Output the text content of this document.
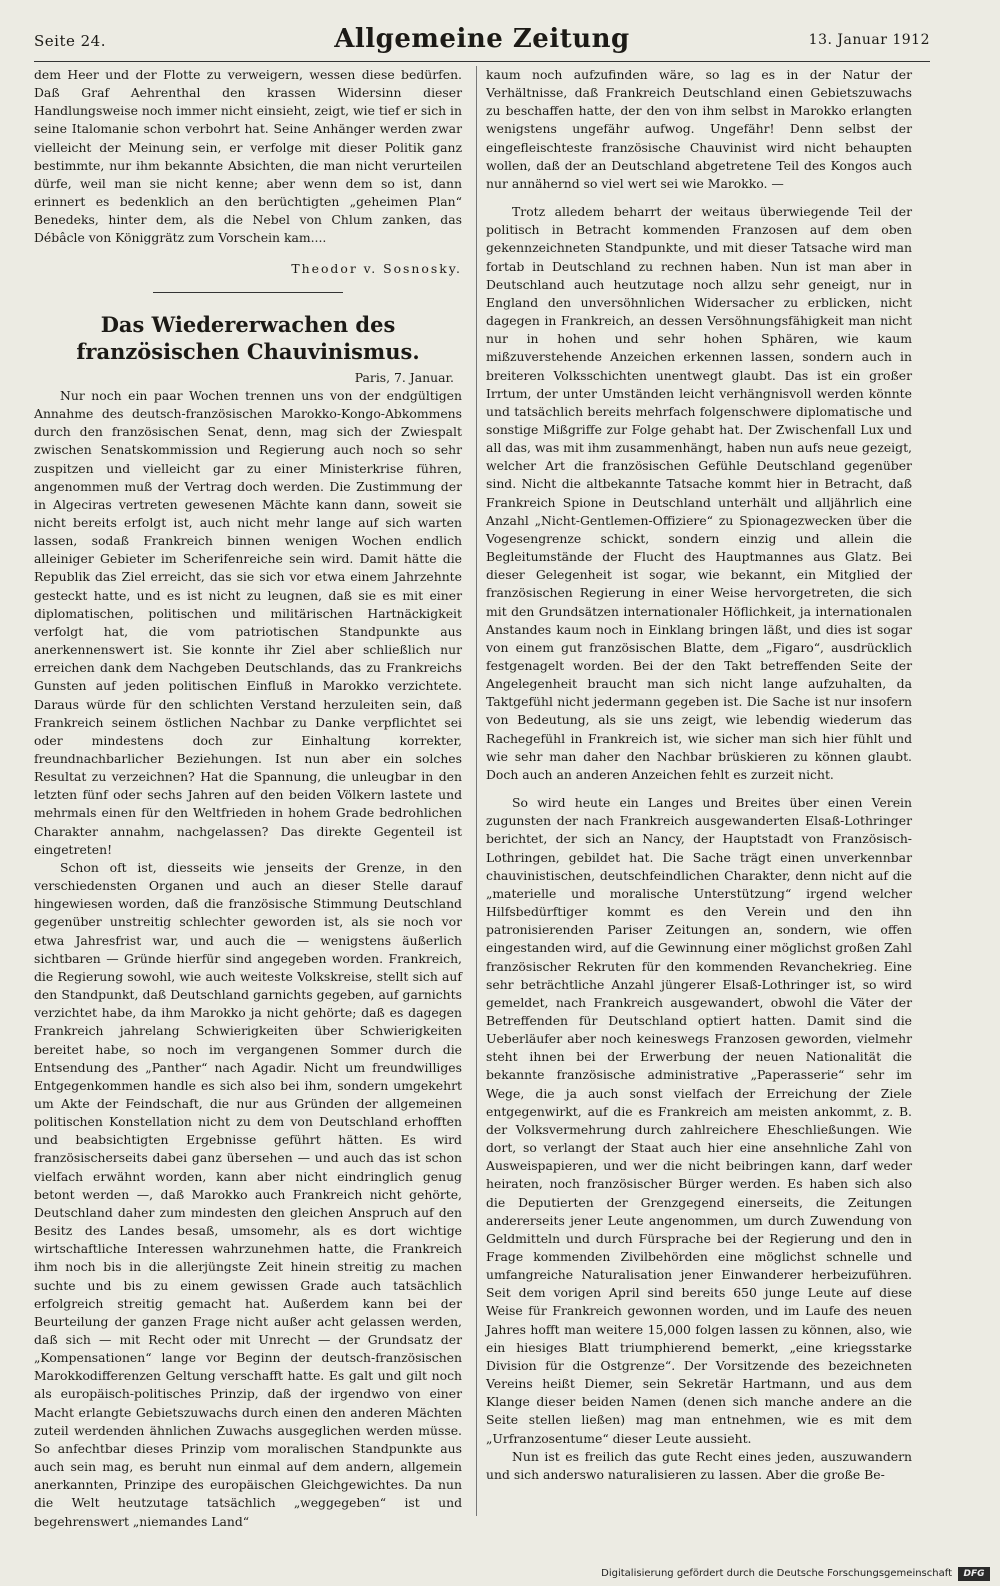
Seite 24.	Allgemeine Zeitung	13. Januar 1912

dem Heer und der Flotte zu verweigern, wessen diese bedürfen. Daß Graf Aehrenthal den krassen Widersinn dieser Handlungsweise noch immer nicht einsieht, zeigt, wie tief er sich in seine Italomanie schon verbohrt hat. Seine Anhänger werden zwar vielleicht der Meinung sein, er verfolge mit dieser Politik ganz bestimmte, nur ihm bekannte Absichten, die man nicht verurteilen dürfe, weil man sie nicht kenne; aber wenn dem so ist, dann erinnert es bedenklich an den berüchtigten „geheimen Plan“ Benedeks, hinter dem, als die Nebel von Chlum zanken, das Débâcle von Königgrätz zum Vorschein kam....

Theodor v. Sosnosky.
Das Wiedererwachen des französischen Chauvinismus.
Paris, 7. Januar.

Nur noch ein paar Wochen trennen uns von der endgültigen Annahme des deutsch-französischen Marokko-Kongo-Abkommens durch den französischen Senat, denn, mag sich der Zwiespalt zwischen Senatskommission und Regierung auch noch so sehr zuspitzen und vielleicht gar zu einer Ministerkrise führen, angenommen muß der Vertrag doch werden. Die Zustimmung der in Algeciras vertreten gewesenen Mächte kann dann, soweit sie nicht bereits erfolgt ist, auch nicht mehr lange auf sich warten lassen, sodaß Frankreich binnen wenigen Wochen endlich alleiniger Gebieter im Scherifenreiche sein wird. Damit hätte die Republik das Ziel erreicht, das sie sich vor etwa einem Jahrzehnte gesteckt hatte, und es ist nicht zu leugnen, daß sie es mit einer diplomatischen, politischen und militärischen Hartnäckigkeit verfolgt hat, die vom patriotischen Standpunkte aus anerkennenswert ist. Sie konnte ihr Ziel aber schließlich nur erreichen dank dem Nachgeben Deutschlands, das zu Frankreichs Gunsten auf jeden politischen Einfluß in Marokko verzichtete. Daraus würde für den schlichten Verstand herzuleiten sein, daß Frankreich seinem östlichen Nachbar zu Danke verpflichtet sei oder mindestens doch zur Einhaltung korrekter, freundnachbarlicher Beziehungen. Ist nun aber ein solches Resultat zu verzeichnen? Hat die Spannung, die unleugbar in den letzten fünf oder sechs Jahren auf den beiden Völkern lastete und mehrmals einen für den Weltfrieden in hohem Grade bedrohlichen Charakter annahm, nachgelassen? Das direkte Gegenteil ist eingetreten!

Schon oft ist, diesseits wie jenseits der Grenze, in den verschiedensten Organen und auch an dieser Stelle darauf hingewiesen worden, daß die französische Stimmung Deutschland gegenüber unstreitig schlechter geworden ist, als sie noch vor etwa Jahresfrist war, und auch die — wenigstens äußerlich sichtbaren — Gründe hierfür sind angegeben worden. Frankreich, die Regierung sowohl, wie auch weiteste Volkskreise, stellt sich auf den Standpunkt, daß Deutschland garnichts gegeben, auf garnichts verzichtet habe, da ihm Marokko ja nicht gehörte; daß es dagegen Frankreich jahrelang Schwierigkeiten über Schwierigkeiten bereitet habe, so noch im vergangenen Sommer durch die Entsendung des „Panther“ nach Agadir. Nicht um freundwilliges Entgegenkommen handle es sich also bei ihm, sondern umgekehrt um Akte der Feindschaft, die nur aus Gründen der allgemeinen politischen Konstellation nicht zu dem von Deutschland erhofften und beabsichtigten Ergebnisse geführt hätten. Es wird französischerseits dabei ganz übersehen — und auch das ist schon vielfach erwähnt worden, kann aber nicht eindringlich genug betont werden —, daß Marokko auch Frankreich nicht gehörte, Deutschland daher zum mindesten den gleichen Anspruch auf den Besitz des Landes besaß, umsomehr, als es dort wichtige wirtschaftliche Interessen wahrzunehmen hatte, die Frankreich ihm noch bis in die allerjüngste Zeit hinein streitig zu machen suchte und bis zu einem gewissen Grade auch tatsächlich erfolgreich streitig gemacht hat. Außerdem kann bei der Beurteilung der ganzen Frage nicht außer acht gelassen werden, daß sich — mit Recht oder mit Unrecht — der Grundsatz der „Kompensationen“ lange vor Beginn der deutsch-französischen Marokkodifferenzen Geltung verschafft hatte. Es galt und gilt noch als europäisch-politisches Prinzip, daß der irgendwo von einer Macht erlangte Gebietszuwachs durch einen den anderen Mächten zuteil werdenden ähnlichen Zuwachs ausgeglichen werden müsse. So anfechtbar dieses Prinzip vom moralischen Standpunkte aus auch sein mag, es beruht nun einmal auf dem andern, allgemein anerkannten, Prinzipe des europäischen Gleichgewichtes. Da nun die Welt heutzutage tatsächlich „weggegeben“ ist und begehrenswert „niemandes Land“

kaum noch aufzufinden wäre, so lag es in der Natur der Verhältnisse, daß Frankreich Deutschland einen Gebietszuwachs zu beschaffen hatte, der den von ihm selbst in Marokko erlangten wenigstens ungefähr aufwog. Ungefähr! Denn selbst der eingefleischteste französische Chauvinist wird nicht behaupten wollen, daß der an Deutschland abgetretene Teil des Kongos auch nur annähernd so viel wert sei wie Marokko. —

Trotz alledem beharrt der weitaus überwiegende Teil der politisch in Betracht kommenden Franzosen auf dem oben gekennzeichneten Standpunkte, und mit dieser Tatsache wird man fortab in Deutschland zu rechnen haben. Nun ist man aber in Deutschland auch heutzutage noch allzu sehr geneigt, nur in England den unversöhnlichen Widersacher zu erblicken, nicht dagegen in Frankreich, an dessen Versöhnungsfähigkeit man nicht nur in hohen und sehr hohen Sphären, wie kaum mißzuverstehende Anzeichen erkennen lassen, sondern auch in breiteren Volksschichten unentwegt glaubt. Das ist ein großer Irrtum, der unter Umständen leicht verhängnisvoll werden könnte und tatsächlich bereits mehrfach folgenschwere diplomatische und sonstige Mißgriffe zur Folge gehabt hat. Der Zwischenfall Lux und all das, was mit ihm zusammenhängt, haben nun aufs neue gezeigt, welcher Art die französischen Gefühle Deutschland gegenüber sind. Nicht die altbekannte Tatsache kommt hier in Betracht, daß Frankreich Spione in Deutschland unterhält und alljährlich eine Anzahl „Nicht-Gentlemen-Offiziere“ zu Spionagezwecken über die Vogesengrenze schickt, sondern einzig und allein die Begleitumstände der Flucht des Hauptmannes aus Glatz. Bei dieser Gelegenheit ist sogar, wie bekannt, ein Mitglied der französischen Regierung in einer Weise hervorgetreten, die sich mit den Grundsätzen internationaler Höflichkeit, ja internationalen Anstandes kaum noch in Einklang bringen läßt, und dies ist sogar von einem gut französischen Blatte, dem „Figaro“, ausdrücklich festgenagelt worden. Bei der den Takt betreffenden Seite der Angelegenheit braucht man sich nicht lange aufzuhalten, da Taktgefühl nicht jedermann gegeben ist. Die Sache ist nur insofern von Bedeutung, als sie uns zeigt, wie lebendig wiederum das Rachegefühl in Frankreich ist, wie sicher man sich hier fühlt und wie sehr man daher den Nachbar brüskieren zu können glaubt. Doch auch an anderen Anzeichen fehlt es zurzeit nicht.

So wird heute ein Langes und Breites über einen Verein zugunsten der nach Frankreich ausgewanderten Elsaß-Lothringer berichtet, der sich an Nancy, der Hauptstadt von Französisch-Lothringen, gebildet hat. Die Sache trägt einen unverkennbar chauvinistischen, deutschfeindlichen Charakter, denn nicht auf die „materielle und moralische Unterstützung“ irgend welcher Hilfsbedürftiger kommt es den Verein und den ihn patronisierenden Pariser Zeitungen an, sondern, wie offen eingestanden wird, auf die Gewinnung einer möglichst großen Zahl französischer Rekruten für den kommenden Revanchekrieg. Eine sehr beträchtliche Anzahl jüngerer Elsaß-Lothringer ist, so wird gemeldet, nach Frankreich ausgewandert, obwohl die Väter der Betreffenden für Deutschland optiert hatten. Damit sind die Ueberläufer aber noch keineswegs Franzosen geworden, vielmehr steht ihnen bei der Erwerbung der neuen Nationalität die bekannte französische administrative „Paperasserie“ sehr im Wege, die ja auch sonst vielfach der Erreichung der Ziele entgegenwirkt, auf die es Frankreich am meisten ankommt, z. B. der Volksvermehrung durch zahlreichere Eheschließungen. Wie dort, so verlangt der Staat auch hier eine ansehnliche Zahl von Ausweispapieren, und wer die nicht beibringen kann, darf weder heiraten, noch französischer Bürger werden. Es haben sich also die Deputierten der Grenzgegend einerseits, die Zeitungen andererseits jener Leute angenommen, um durch Zuwendung von Geldmitteln und durch Fürsprache bei der Regierung und den in Frage kommenden Zivilbehörden eine möglichst schnelle und umfangreiche Naturalisation jener Einwanderer herbeizuführen. Seit dem vorigen April sind bereits 650 junge Leute auf diese Weise für Frankreich gewonnen worden, und im Laufe des neuen Jahres hofft man weitere 15,000 folgen lassen zu können, also, wie ein hiesiges Blatt triumphierend bemerkt, „eine kriegsstarke Division für die Ostgrenze“. Der Vorsitzende des bezeichneten Vereins heißt Diemer, sein Sekretär Hartmann, und aus dem Klange dieser beiden Namen (denen sich manche andere an die Seite stellen ließen) mag man entnehmen, wie es mit dem „Urfranzosentume“ dieser Leute aussieht.

Nun ist es freilich das gute Recht eines jeden, auszuwandern und sich anderswo naturalisieren zu lassen. Aber die große Be-

Digitalisierung gefördert durch die Deutsche Forschungsgemeinschaft	DFG
